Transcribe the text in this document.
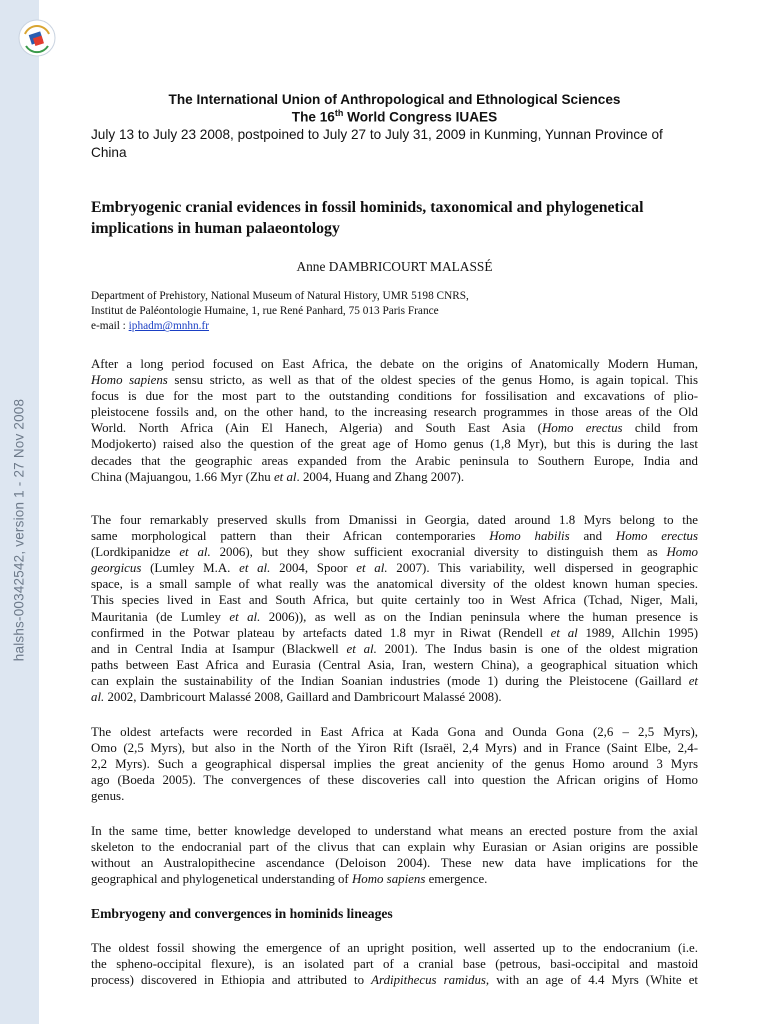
halshs-00342542, version 1 - 27 Nov 2008
The International Union of Anthropological and Ethnological Sciences
The 16th World Congress IUAES
July 13 to July 23 2008, postpoined to July 27 to July 31, 2009 in Kunming, Yunnan Province of
China
Embryogenic cranial evidences in fossil hominids, taxonomical and phylogenetical
implications in human palaeontology
Anne DAMBRICOURT MALASSÉ
Department of Prehistory, National Museum of Natural History, UMR 5198 CNRS,
Institut de Paléontologie Humaine, 1, rue René Panhard, 75 013 Paris France
e-mail : iphadm@mnhn.fr
After a long period focused on East Africa, the debate on the origins of Anatomically Modern Human,
Homo sapiens sensu stricto, as well as that of the oldest species of the genus Homo, is again topical. This
focus is due for the most part to the outstanding conditions for fossilisation and excavations of plio-
pleistocene fossils and, on the other hand, to the increasing research programmes in those areas of the Old
World. North Africa (Ain El Hanech, Algeria) and South East Asia (Homo erectus child from
Modjokerto) raised also the question of the great age of Homo genus (1,8 Myr), but this is during the last
decades that the geographic areas expanded from the Arabic peninsula to Southern Europe, India and
China (Majuangou, 1.66 Myr (Zhu et al. 2004, Huang and Zhang 2007).
The four remarkably preserved skulls from Dmanissi in Georgia, dated around 1.8 Myrs belong to the
same morphological pattern than their African contemporaries Homo habilis and Homo erectus
(Lordkipanidze et al. 2006), but they show sufficient exocranial diversity to distinguish them as Homo
georgicus (Lumley M.A. et al. 2004, Spoor et al. 2007). This variability, well dispersed in geographic
space, is a small sample of what really was the anatomical diversity of the oldest known human species.
This species lived in East and South Africa, but quite certainly too in West Africa (Tchad, Niger, Mali,
Mauritania (de Lumley et al. 2006)), as well as on the Indian peninsula where the human presence is
confirmed in the Potwar plateau by artefacts dated 1.8 myr in Riwat (Rendell et al 1989, Allchin 1995)
and in Central India at Isampur (Blackwell et al. 2001). The Indus basin is one of the oldest migration
paths between East Africa and Eurasia (Central Asia, Iran, western China), a geographical situation which
can explain the sustainability of the Indian Soanian industries (mode 1) during the Pleistocene (Gaillard et
al. 2002, Dambricourt Malassé 2008, Gaillard and Dambricourt Malassé 2008).
The oldest artefacts were recorded in East Africa at Kada Gona and Ounda Gona (2,6 – 2,5 Myrs),
Omo (2,5 Myrs), but also in the North of the Yiron Rift (Israël, 2,4 Myrs) and in France (Saint Elbe, 2,4-
2,2 Myrs). Such a geographical dispersal implies the great ancienity of the genus Homo around 3 Myrs
ago (Boeda 2005). The convergences of these discoveries call into question the African origins of Homo
genus.
In the same time, better knowledge developed to understand what means an erected posture from the axial
skeleton to the endocranial part of the clivus that can explain why Eurasian or Asian origins are possible
without an Australopithecine ascendance (Deloison 2004). These new data have implications for the
geographical and phylogenetical understanding of Homo sapiens emergence.
Embryogeny and convergences in hominids lineages
The oldest fossil showing the emergence of an upright position, well asserted up to the endocranium (i.e.
the spheno-occipital flexure), is an isolated part of a cranial base (petrous, basi-occipital and mastoid
process) discovered in Ethiopia and attributed to Ardipithecus ramidus, with an age of 4.4 Myrs (White et
